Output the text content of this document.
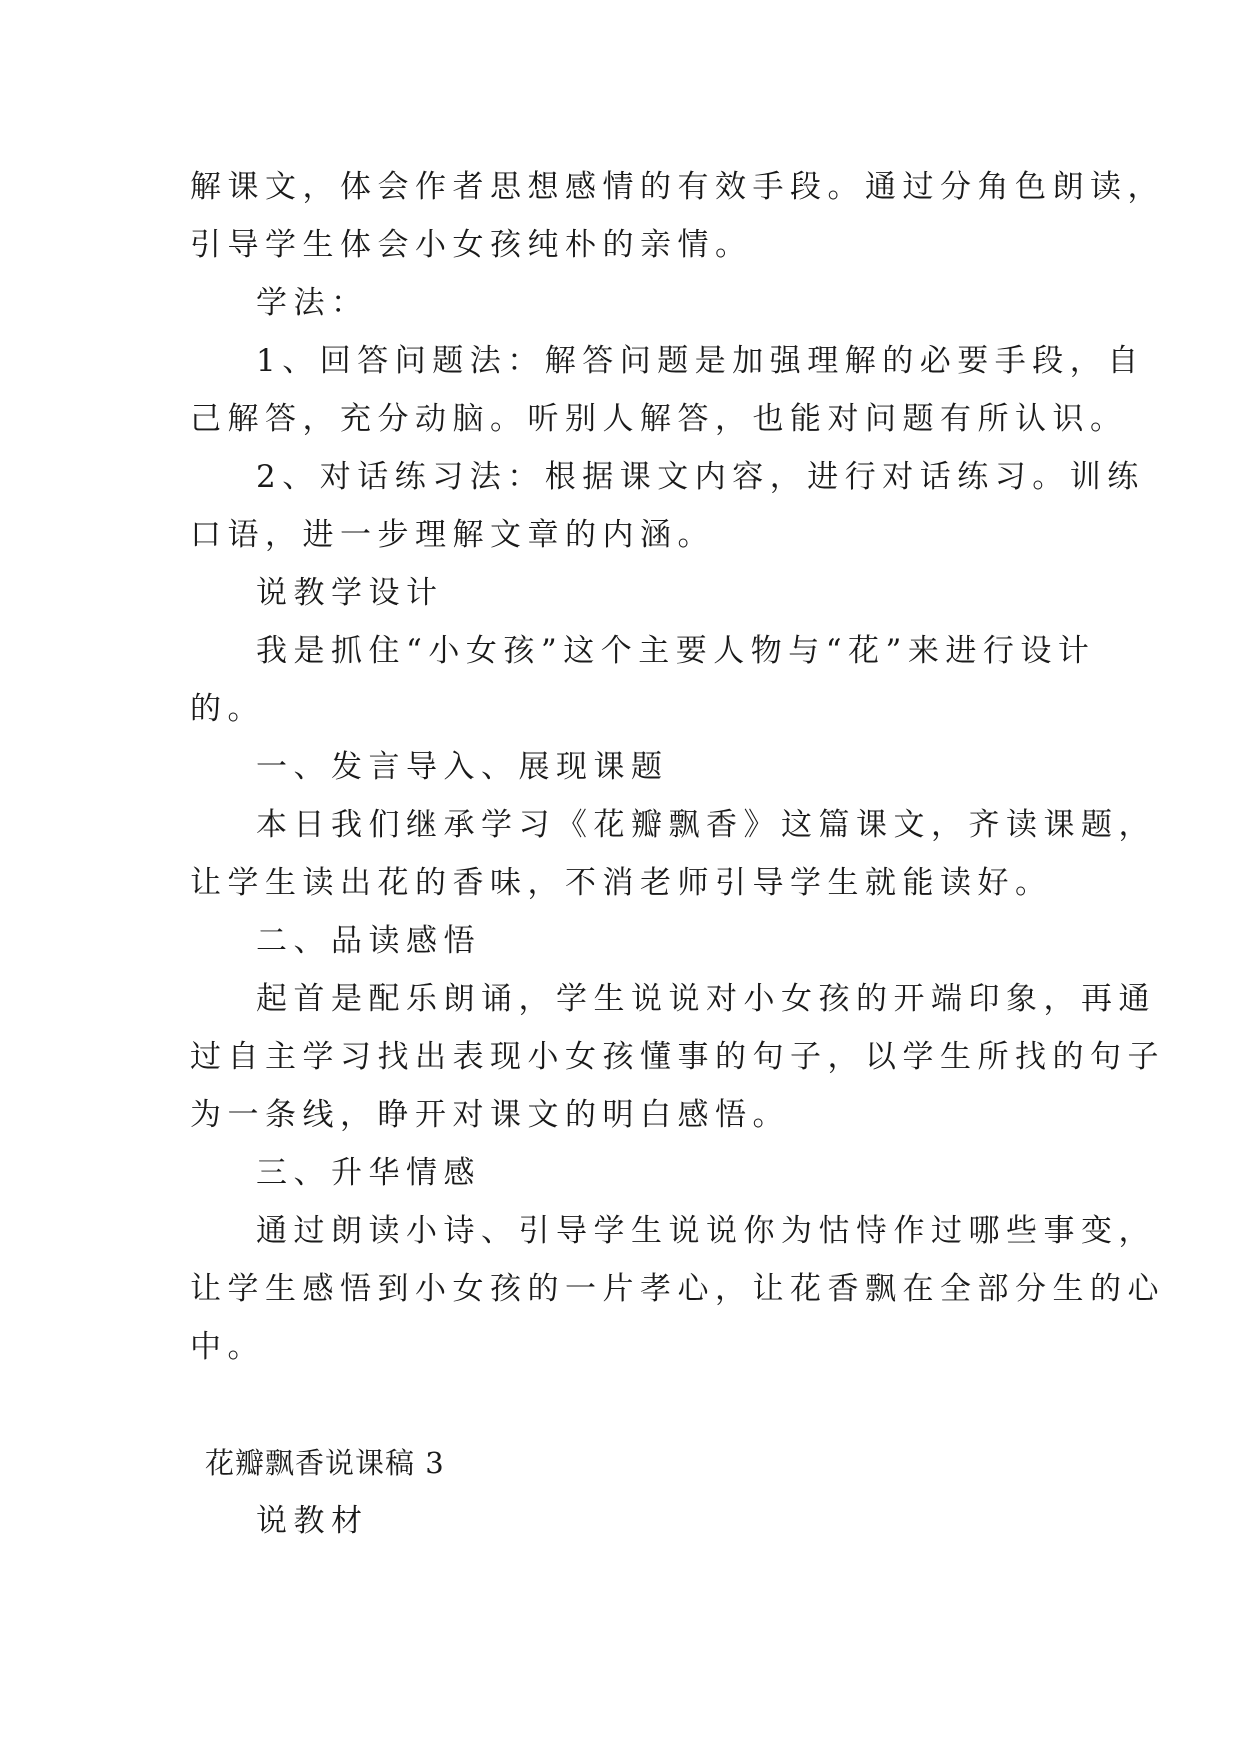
解课文，体会作者思想感情的有效手段。通过分角色朗读，

引导学生体会小女孩纯朴的亲情。

学法：

1、回答问题法：解答问题是加强理解的必要手段，自

己解答，充分动脑。听别人解答，也能对问题有所认识。

2、对话练习法：根据课文内容，进行对话练习。训练

口语，进一步理解文章的内涵。

说教学设计

我是抓住“小女孩”这个主要人物与“花”来进行设计

的。

一、发言导入、展现课题

本日我们继承学习《花瓣飘香》这篇课文，齐读课题，

让学生读出花的香味，不消老师引导学生就能读好。

二、品读感悟

起首是配乐朗诵，学生说说对小女孩的开端印象，再通

过自主学习找出表现小女孩懂事的句子，以学生所找的句子

为一条线，睁开对课文的明白感悟。

三、升华情感

通过朗读小诗、引导学生说说你为怙恃作过哪些事变，

让学生感悟到小女孩的一片孝心，让花香飘在全部分生的心

中。

花瓣飘香说课稿 3

说教材
